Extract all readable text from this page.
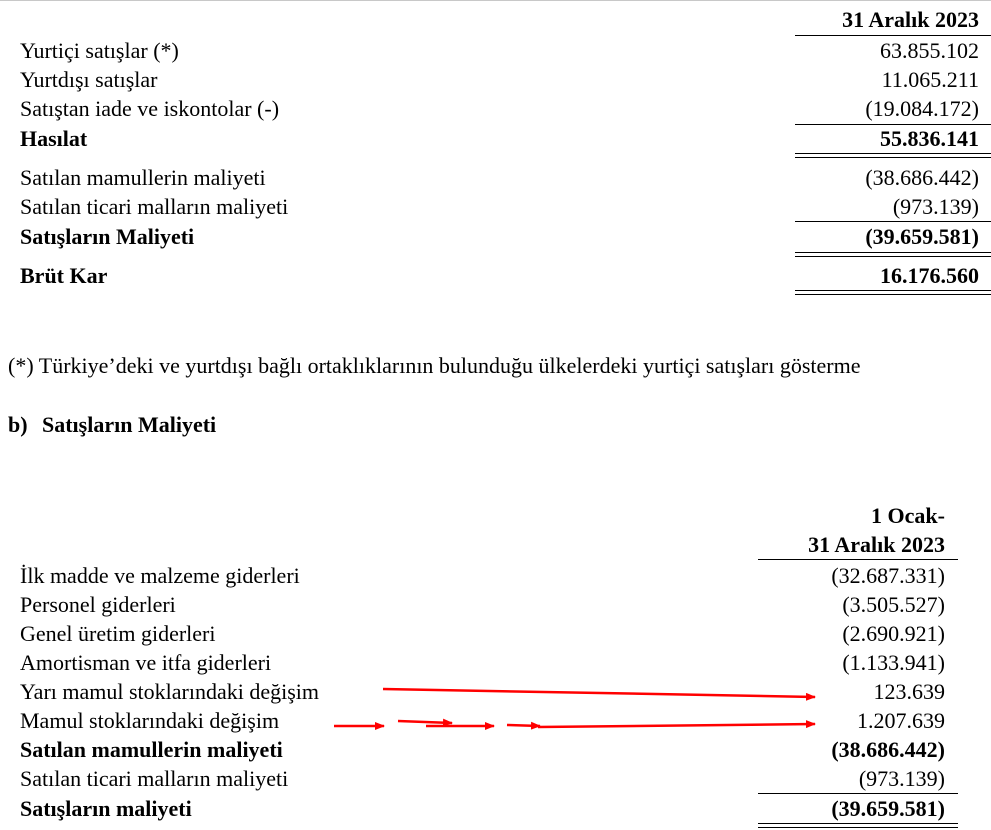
31 Aralık 2023
Yurtiçi satışlar (*)	63.855.102
Yurtdışı satışlar	11.065.211
Satıştan iade ve iskontolar (-)	(19.084.172)
Hasılat	55.836.141
Satılan mamullerin maliyeti	(38.686.442)
Satılan ticari malların maliyeti	(973.139)
Satışların Maliyeti	(39.659.581)
Brüt Kar	16.176.560
(*) Türkiye’deki ve yurtdışı bağlı ortaklıklarının bulunduğu ülkelerdeki yurtiçi satışları gösterme
b) Satışların Maliyeti
1 Ocak-
31 Aralık 2023
İlk madde ve malzeme giderleri	(32.687.331)
Personel giderleri	(3.505.527)
Genel üretim giderleri	(2.690.921)
Amortisman ve itfa giderleri	(1.133.941)
Yarı mamul stoklarındaki değişim	123.639
Mamul stoklarındaki değişim	1.207.639
Satılan mamullerin maliyeti	(38.686.442)
Satılan ticari malların maliyeti	(973.139)
Satışların maliyeti	(39.659.581)
